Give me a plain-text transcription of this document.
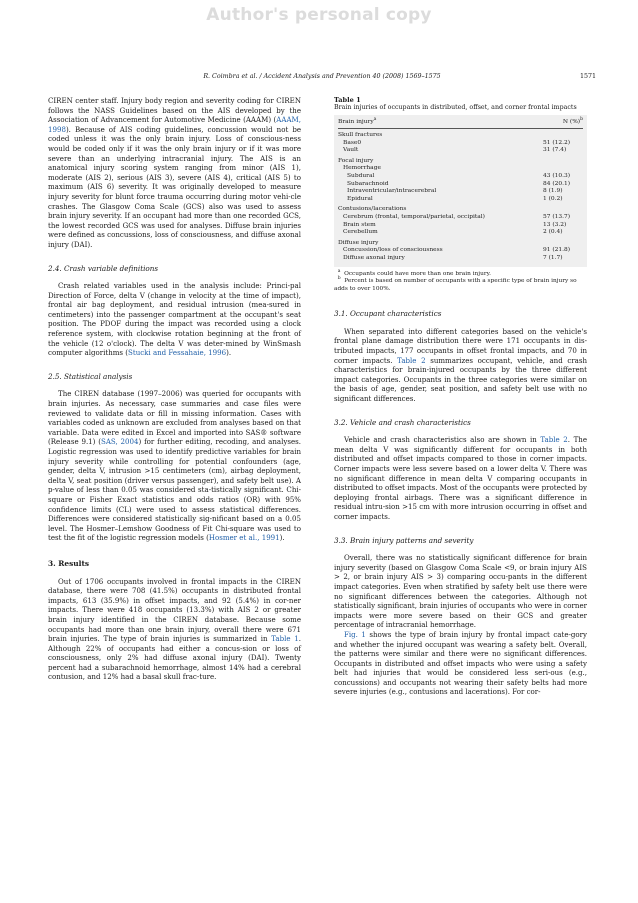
Author's personal copy
R. Coimbra et al. / Accident Analysis and Prevention 40 (2008) 1569–1575	1571

CIREN center staff. Injury body region and severity coding for CIREN follows the NASS Guidelines based on the AIS developed by the Association of Advancement for Automotive Medicine (AAAM) (AAAM, 1998). Because of AIS coding guidelines, concussion would not be coded unless it was the only brain injury. Loss of conscious-ness would be coded only if it was the only brain injury or if it was more severe than an underlying intracranial injury. The AIS is an anatomical injury scoring system ranging from minor (AIS 1), moderate (AIS 2), serious (AIS 3), severe (AIS 4), critical (AIS 5) to maximum (AIS 6) severity. It was originally developed to measure injury severity for blunt force trauma occurring during motor vehi-cle crashes. The Glasgow Coma Scale (GCS) also was used to assess brain injury severity. If an occupant had more than one recorded GCS, the lowest recorded GCS was used for analyses. Diffuse brain injuries were defined as concussions, loss of consciousness, and diffuse axonal injury (DAI).

2.4. Crash variable definitions

Crash related variables used in the analysis include: Princi-pal Direction of Force, delta V (change in velocity at the time of impact), frontal air bag deployment, and residual intrusion (mea-sured in centimeters) into the passenger compartment at the occupant's seat position. The PDOF during the impact was recorded using a clock reference system, with clockwise rotation beginning at the front of the vehicle (12 o'clock). The delta V was deter-mined by WinSmash computer algorithms (Stucki and Fessahaie, 1996).

2.5. Statistical analysis

The CIREN database (1997–2006) was queried for occupants with brain injuries. As necessary, case summaries and case files were reviewed to validate data or fill in missing information. Cases with variables coded as unknown are excluded from analyses based on that variable. Data were edited in Excel and imported into SAS® software (Release 9.1) (SAS, 2004) for further editing, recoding, and analyses. Logistic regression was used to identify predictive variables for brain injury severity while controlling for potential confounders (age, gender, delta V, intrusion >15 centimeters (cm), airbag deployment, delta V, seat position (driver versus passenger), and safety belt use). A p-value of less than 0.05 was considered sta-tistically significant. Chi-square or Fisher Exact statistics and odds ratios (OR) with 95% confidence limits (CL) were used to assess statistical differences. Differences were considered statistically sig-nificant based on a 0.05 level. The Hosmer–Lemshow Goodness of Fit Chi-square was used to test the fit of the logistic regression models (Hosmer et al., 1991).

3. Results

Out of 1706 occupants involved in frontal impacts in the CIREN database, there were 708 (41.5%) occupants in distributed frontal impacts, 613 (35.9%) in offset impacts, and 92 (5.4%) in cor-ner impacts. There were 418 occupants (13.3%) with AIS 2 or greater brain injury identified in the CIREN database. Because some occupants had more than one brain injury, overall there were 671 brain injuries. The type of brain injuries is summarized in Table 1. Although 22% of occupants had either a concus-sion or loss of consciousness, only 2% had diffuse axonal injury (DAI). Twenty percent had a subarachnoid hemorrhage, almost 14% had a cerebral contusion, and 12% had a basal skull frac-ture.

Table 1
Brain injuries of occupants in distributed, offset, and corner frontal impacts
Brain injury$^a$	N (%)$^b$
Skull fractures
Base0	51 (12.2)
Vault	31 (7.4)
Focal injury
Hemorrhage
Subdural	43 (10.3)
Subarachnoid	84 (20.1)
Intraventricular/intracerebral	8 (1.9)
Epidural	1 (0.2)
Contusions/lacerations
Cerebrum (frontal, temporal/parietal, occipital)	57 (13.7)
Brain stem	13 (3.2)
Cerebellum	2 (0.4)
Diffuse injury
Concussion/loss of consciousness	91 (21.8)
Diffuse axonal injury	7 (1.7)

$^a$ Occupants could have more than one brain injury.

$^b$ Percent is based on number of occupants with a specific type of brain injury so adds to over 100%.

3.1. Occupant characteristics

When separated into different categories based on the vehicle's frontal plane damage distribution there were 171 occupants in dis-tributed impacts, 177 occupants in offset frontal impacts, and 70 in corner impacts. Table 2 summarizes occupant, vehicle, and crash characteristics for brain-injured occupants by the three different impact categories. Occupants in the three categories were similar on the basis of age, gender, seat position, and safety belt use with no significant differences.

3.2. Vehicle and crash characteristics

Vehicle and crash characteristics also are shown in Table 2. The mean delta V was significantly different for occupants in both distributed and offset impacts compared to those in corner impacts. Corner impacts were less severe based on a lower delta V. There was no significant difference in mean delta V comparing occupants in distributed to offset impacts. Most of the occupants were protected by deploying frontal airbags. There was a significant difference in residual intru-sion >15 cm with more intrusion occurring in offset and corner impacts.

3.3. Brain injury patterns and severity

Overall, there was no statistically significant difference for brain injury severity (based on Glasgow Coma Scale <9, or brain injury AIS > 2, or brain injury AIS > 3) comparing occu-pants in the different impact categories. Even when stratified by safety belt use there were no significant differences between the categories. Although not statistically significant, brain injuries of occupants who were in corner impacts were more severe based on their GCS and greater percentage of intracranial hemorrhage.

Fig. 1 shows the type of brain injury by frontal impact cate-gory and whether the injured occupant was wearing a safety belt. Overall, the patterns were similar and there were no significant differences. Occupants in distributed and offset impacts who were using a safety belt had injuries that would be considered less seri-ous (e.g., concussions) and occupants not wearing their safety belts had more severe injuries (e.g., contusions and lacerations). For cor-
